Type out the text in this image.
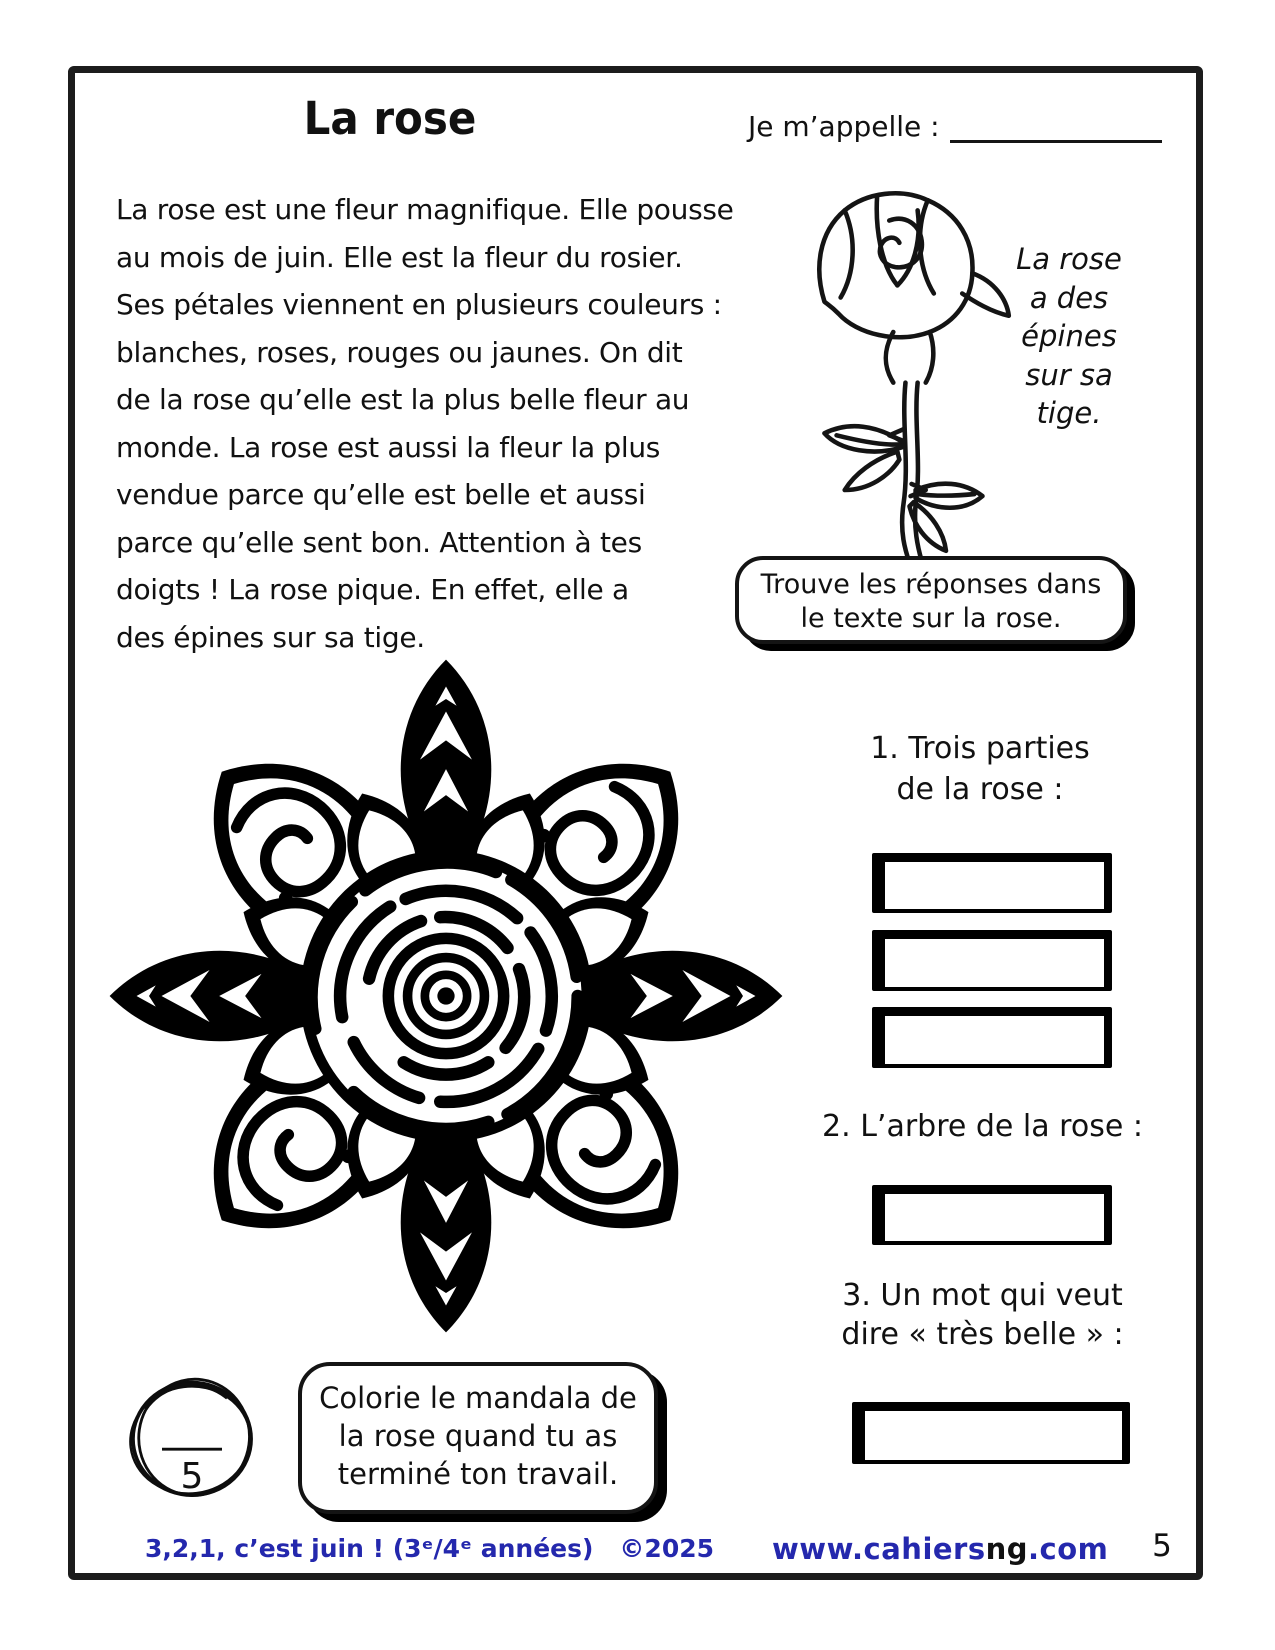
La rose	Je m’appelle :
La rose est une fleur magnifique. Elle pousse
au mois de juin. Elle est la fleur du rosier.
Ses pétales viennent en plusieurs couleurs :
blanches, roses, rouges ou jaunes. On dit
de la rose qu’elle est la plus belle fleur au
monde. La rose est aussi la fleur la plus
vendue parce qu’elle est belle et aussi
parce qu’elle sent bon. Attention à tes
doigts ! La rose pique. En effet, elle a
des épines sur sa tige.
La rose
a des
épines
sur sa
tige.
Trouve les réponses dans
le texte sur la rose.
1. Trois parties
de la rose :
2. L’arbre de la rose :
3. Un mot qui veut
dire « très belle » :
5
Colorie le mandala de
la rose quand tu as
terminé ton travail.
3,2,1, c’est juin ! (3ᵉ/4ᵉ années) ©2025 www.cahiersng.com	5
